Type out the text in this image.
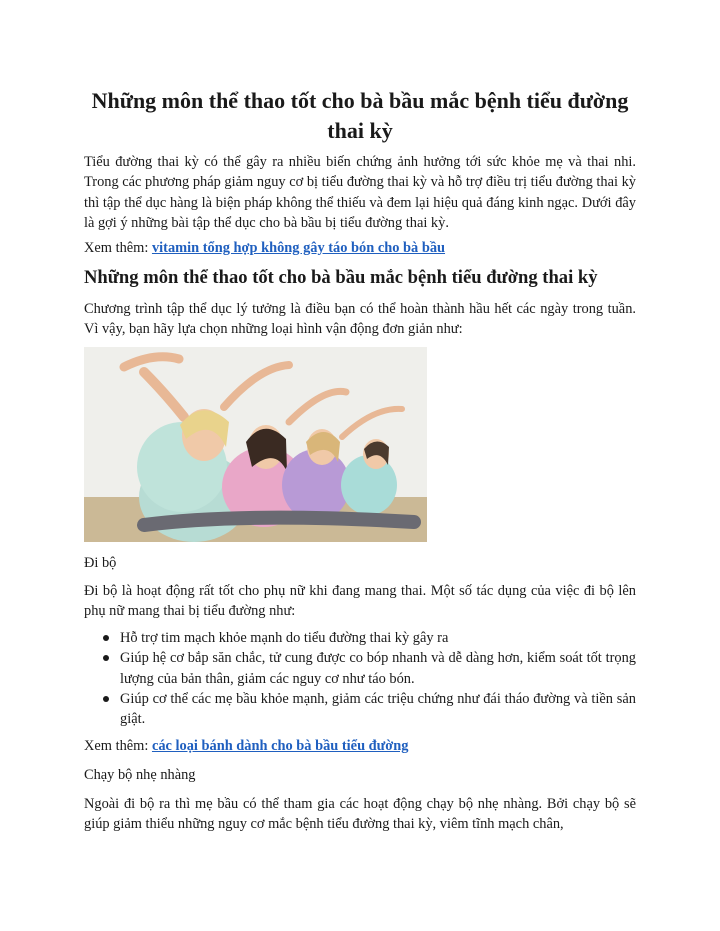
Những môn thể thao tốt cho bà bầu mắc bệnh tiểu đường thai kỳ

Tiểu đường thai kỳ có thể gây ra nhiều biến chứng ảnh hưởng tới sức khỏe mẹ và thai nhi. Trong các phương pháp giảm nguy cơ bị tiểu đường thai kỳ và hỗ trợ điều trị tiểu đường thai kỳ thì tập thể dục hàng là biện pháp không thể thiếu và đem lại hiệu quả đáng kinh ngạc. Dưới đây là gợi ý những bài tập thể dục cho bà bầu bị tiểu đường thai kỳ.

Xem thêm: vitamin tổng hợp không gây táo bón cho bà bầu

Những môn thể thao tốt cho bà bầu mắc bệnh tiểu đường thai kỳ

Chương trình tập thể dục lý tưởng là điều bạn có thể hoàn thành hầu hết các ngày trong tuần. Vì vậy, bạn hãy lựa chọn những loại hình vận động đơn giản như:

Đi bộ

Đi bộ là hoạt động rất tốt cho phụ nữ khi đang mang thai. Một số tác dụng của việc đi bộ lên phụ nữ mang thai bị tiểu đường như:

Hỗ trợ tim mạch khỏe mạnh do tiểu đường thai kỳ gây ra
Giúp hệ cơ bắp săn chắc, tử cung được co bóp nhanh và dễ dàng hơn, kiểm soát tốt trọng lượng của bản thân, giảm các nguy cơ như táo bón.
Giúp cơ thể các mẹ bầu khỏe mạnh, giảm các triệu chứng như đái tháo đường và tiền sản giật.

Xem thêm: các loại bánh dành cho bà bầu tiểu đường

Chạy bộ nhẹ nhàng

Ngoài đi bộ ra thì mẹ bầu có thể tham gia các hoạt động chạy bộ nhẹ nhàng. Bởi chạy bộ sẽ giúp giảm thiểu những nguy cơ mắc bệnh tiểu đường thai kỳ, viêm tĩnh mạch chân,
